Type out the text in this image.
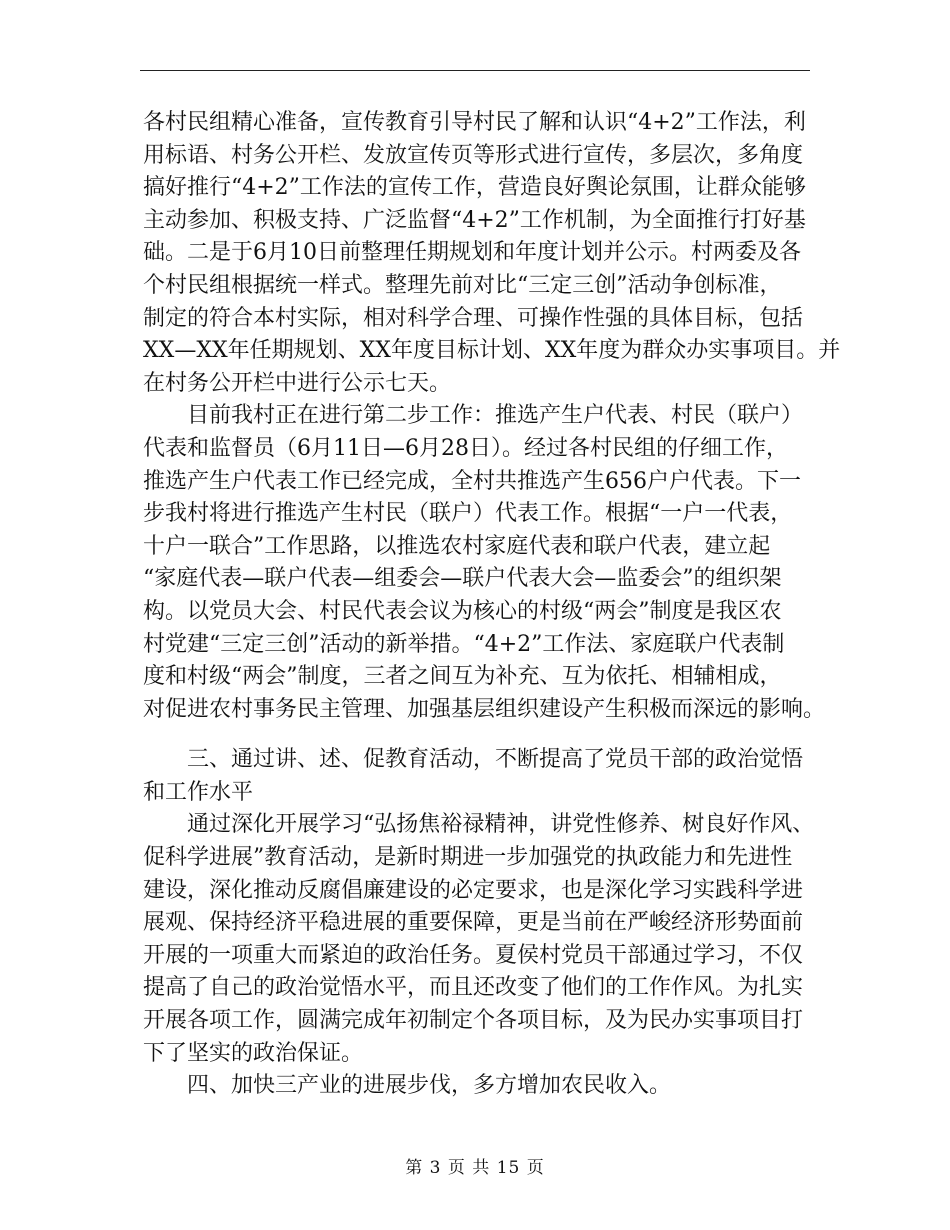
各村民组精心准备，宣传教育引导村民了解和认识“4+2”工作法，利
用标语、村务公开栏、发放宣传页等形式进行宣传，多层次，多角度
搞好推行“4+2”工作法的宣传工作，营造良好舆论氛围，让群众能够
主动参加、积极支持、广泛监督“4+2”工作机制，为全面推行打好基
础。二是于6月10日前整理任期规划和年度计划并公示。村两委及各
个村民组根据统一样式。整理先前对比“三定三创”活动争创标准，
制定的符合本村实际，相对科学合理、可操作性强的具体目标，包括
XX—XX年任期规划、XX年度目标计划、XX年度为群众办实事项目。并
在村务公开栏中进行公示七天。
　　目前我村正在进行第二步工作：推选产生户代表、村民（联户）
代表和监督员（6月11日—6月28日）。经过各村民组的仔细工作，
推选产生户代表工作已经完成，全村共推选产生656户户代表。下一
步我村将进行推选产生村民（联户）代表工作。根据“一户一代表，
十户一联合”工作思路，以推选农村家庭代表和联户代表，建立起
“家庭代表—联户代表—组委会—联户代表大会—监委会”的组织架
构。以党员大会、村民代表会议为核心的村级“两会”制度是我区农
村党建“三定三创”活动的新举措。“4+2”工作法、家庭联户代表制
度和村级“两会”制度，三者之间互为补充、互为依托、相辅相成，
对促进农村事务民主管理、加强基层组织建设产生积极而深远的影响。
　　三、通过讲、述、促教育活动，不断提高了党员干部的政治觉悟
和工作水平
　　通过深化开展学习“弘扬焦裕禄精神，讲党性修养、树良好作风、
促科学进展”教育活动，是新时期进一步加强党的执政能力和先进性
建设，深化推动反腐倡廉建设的必定要求，也是深化学习实践科学进
展观、保持经济平稳进展的重要保障，更是当前在严峻经济形势面前
开展的一项重大而紧迫的政治任务。夏侯村党员干部通过学习，不仅
提高了自己的政治觉悟水平，而且还改变了他们的工作作风。为扎实
开展各项工作，圆满完成年初制定个各项目标，及为民办实事项目打
下了坚实的政治保证。
　　四、加快三产业的进展步伐，多方增加农民收入。
第 3 页 共 15 页
